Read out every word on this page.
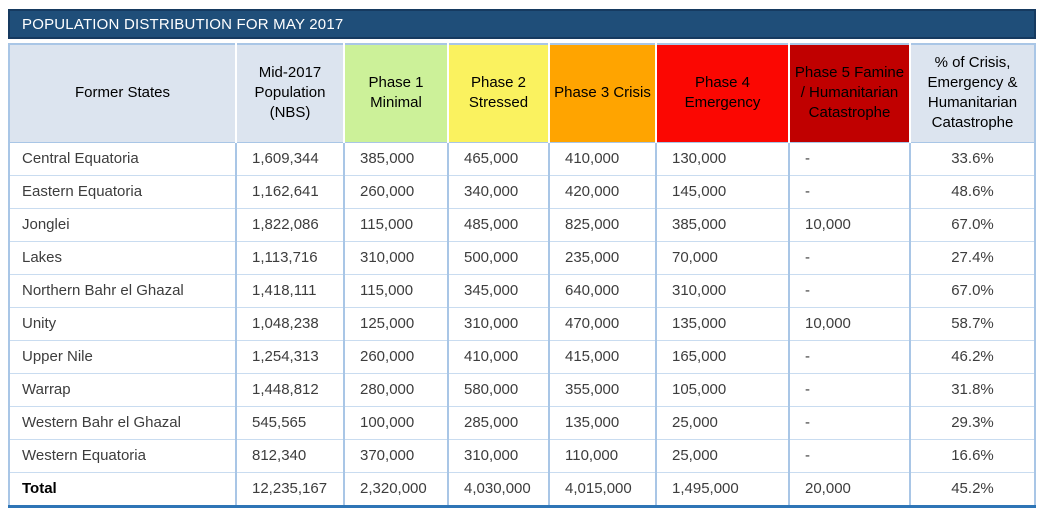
POPULATION DISTRIBUTION FOR MAY 2017
Former States	Mid-2017 Population (NBS)	Phase 1 Minimal	Phase 2 Stressed	Phase 3 Crisis	Phase 4 Emergency	Phase 5 Famine / Humanitarian Catastrophe	% of Crisis, Emergency & Humanitarian Catastrophe
Central Equatoria	1,609,344	385,000	465,000	410,000	130,000	-	33.6%
Eastern Equatoria	1,162,641	260,000	340,000	420,000	145,000	-	48.6%
Jonglei	1,822,086	115,000	485,000	825,000	385,000	10,000	67.0%
Lakes	1,113,716	310,000	500,000	235,000	70,000	-	27.4%
Northern Bahr el Ghazal	1,418,111	115,000	345,000	640,000	310,000	-	67.0%
Unity	1,048,238	125,000	310,000	470,000	135,000	10,000	58.7%
Upper Nile	1,254,313	260,000	410,000	415,000	165,000	-	46.2%
Warrap	1,448,812	280,000	580,000	355,000	105,000	-	31.8%
Western Bahr el Ghazal	545,565	100,000	285,000	135,000	25,000	-	29.3%
Western Equatoria	812,340	370,000	310,000	110,000	25,000	-	16.6%
Total	12,235,167	2,320,000	4,030,000	4,015,000	1,495,000	20,000	45.2%
